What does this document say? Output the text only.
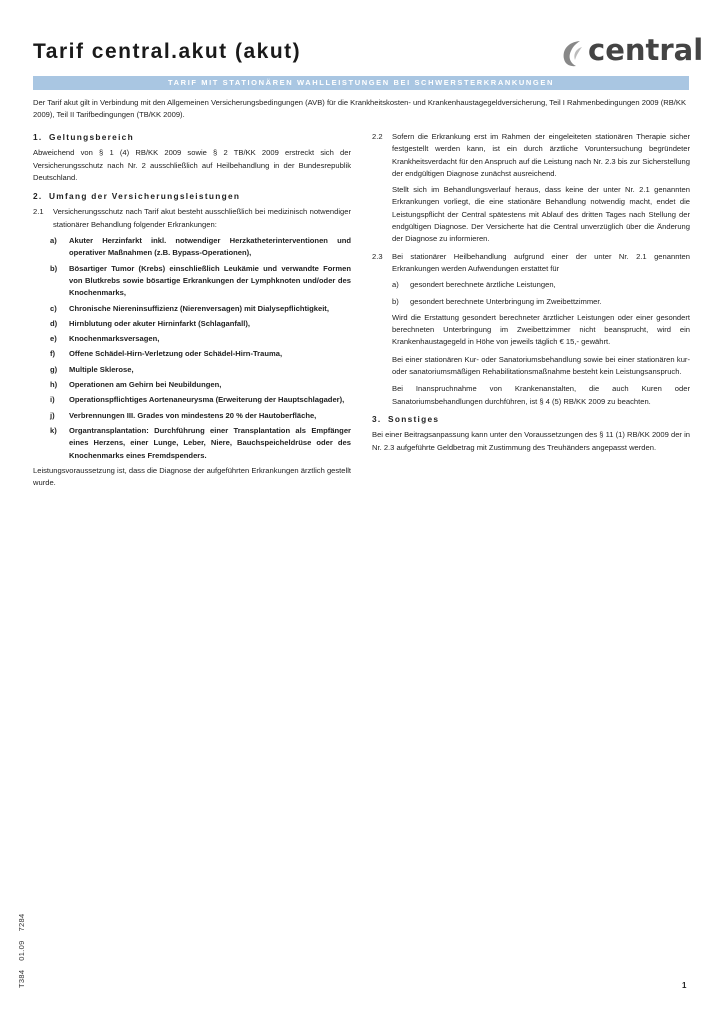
Tarif central.akut (akut)	central
TARIF MIT STATIONÄREN WAHLLEISTUNGEN BEI SCHWERSTERKRANKUNGEN

Der Tarif akut gilt in Verbindung mit den Allgemeinen Versicherungsbedingungen (AVB) für die Krankheitskosten- und Krankenhaustagegeldversicherung, Teil I Rahmenbedingungen 2009 (RB/KK 2009), Teil II Tarifbedingungen (TB/KK 2009).

1. Geltungsbereich

Abweichend von § 1 (4) RB/KK 2009 sowie § 2 TB/KK 2009 erstreckt sich der Versicherungsschutz nach Nr. 2 ausschließlich auf Heilbehandlung in der Bundesrepublik Deutschland.

2. Umfang der Versicherungsleistungen

2.1 Versicherungsschutz nach Tarif akut besteht ausschließlich bei medizinisch notwendiger stationärer Behandlung folgender Erkrankungen:

a) Akuter Herzinfarkt inkl. notwendiger Herzkatheterinterventionen und operativer Maßnahmen (z.B. Bypass-Operationen),

b) Bösartiger Tumor (Krebs) einschließlich Leukämie und verwandte Formen von Blutkrebs sowie bösartige Erkrankungen der Lymphknoten und/oder des Knochenmarks,

c) Chronische Niereninsuffizienz (Nierenversagen) mit Dialysepflichtigkeit,

d) Hirnblutung oder akuter Hirninfarkt (Schlaganfall),

e) Knochenmarksversagen,

f) Offene Schädel-Hirn-Verletzung oder Schädel-Hirn-Trauma,

g) Multiple Sklerose,

h) Operationen am Gehirn bei Neubildungen,

i) Operationspflichtiges Aortenaneurysma (Erweiterung der Hauptschlagader),

j) Verbrennungen III. Grades von mindestens 20 % der Hautoberfläche,

k) Organtransplantation: Durchführung einer Transplantation als Empfänger eines Herzens, einer Lunge, Leber, Niere, Bauchspeicheldrüse oder des Knochenmarks eines Fremdspenders.

Leistungsvoraussetzung ist, dass die Diagnose der aufgeführten Erkrankungen ärztlich gestellt wurde.

2.2 Sofern die Erkrankung erst im Rahmen der eingeleiteten stationären Therapie sicher festgestellt werden kann, ist ein durch ärztliche Voruntersuchung begründeter Krankheitsverdacht für den Anspruch auf die Leistung nach Nr. 2.3 bis zur Sicherstellung der endgültigen Diagnose zunächst ausreichend.

Stellt sich im Behandlungsverlauf heraus, dass keine der unter Nr. 2.1 genannten Erkrankungen vorliegt, die eine stationäre Behandlung notwendig macht, endet die Leistungspflicht der Central spätestens mit Ablauf des dritten Tages nach Stellung der endgültigen Diagnose. Der Versicherte hat die Central unverzüglich über die Änderung der Diagnose zu informieren.

2.3 Bei stationärer Heilbehandlung aufgrund einer der unter Nr. 2.1 genannten Erkrankungen werden Aufwendungen erstattet für

a) gesondert berechnete ärztliche Leistungen,

b) gesondert berechnete Unterbringung im Zweibettzimmer.

Wird die Erstattung gesondert berechneter ärztlicher Leistungen oder einer gesondert berechneten Unterbringung im Zweibettzimmer nicht beansprucht, wird ein Krankenhaustagegeld in Höhe von jeweils täglich € 15,- gewährt.

Bei einer stationären Kur- oder Sanatoriumsbehandlung sowie bei einer stationären kur- oder sanatoriumsmäßigen Rehabilitationsmaßnahme besteht kein Leistungsanspruch.

Bei Inanspruchnahme von Krankenanstalten, die auch Kuren oder Sanatoriumsbehandlungen durchführen, ist § 4 (5) RB/KK 2009 zu beachten.

3. Sonstiges

Bei einer Beitragsanpassung kann unter den Voraussetzungen des § 11 (1) RB/KK 2009 der in Nr. 2.3 aufgeführte Geldbetrag mit Zustimmung des Treuhänders angepasst werden.

T38401.097284
1
